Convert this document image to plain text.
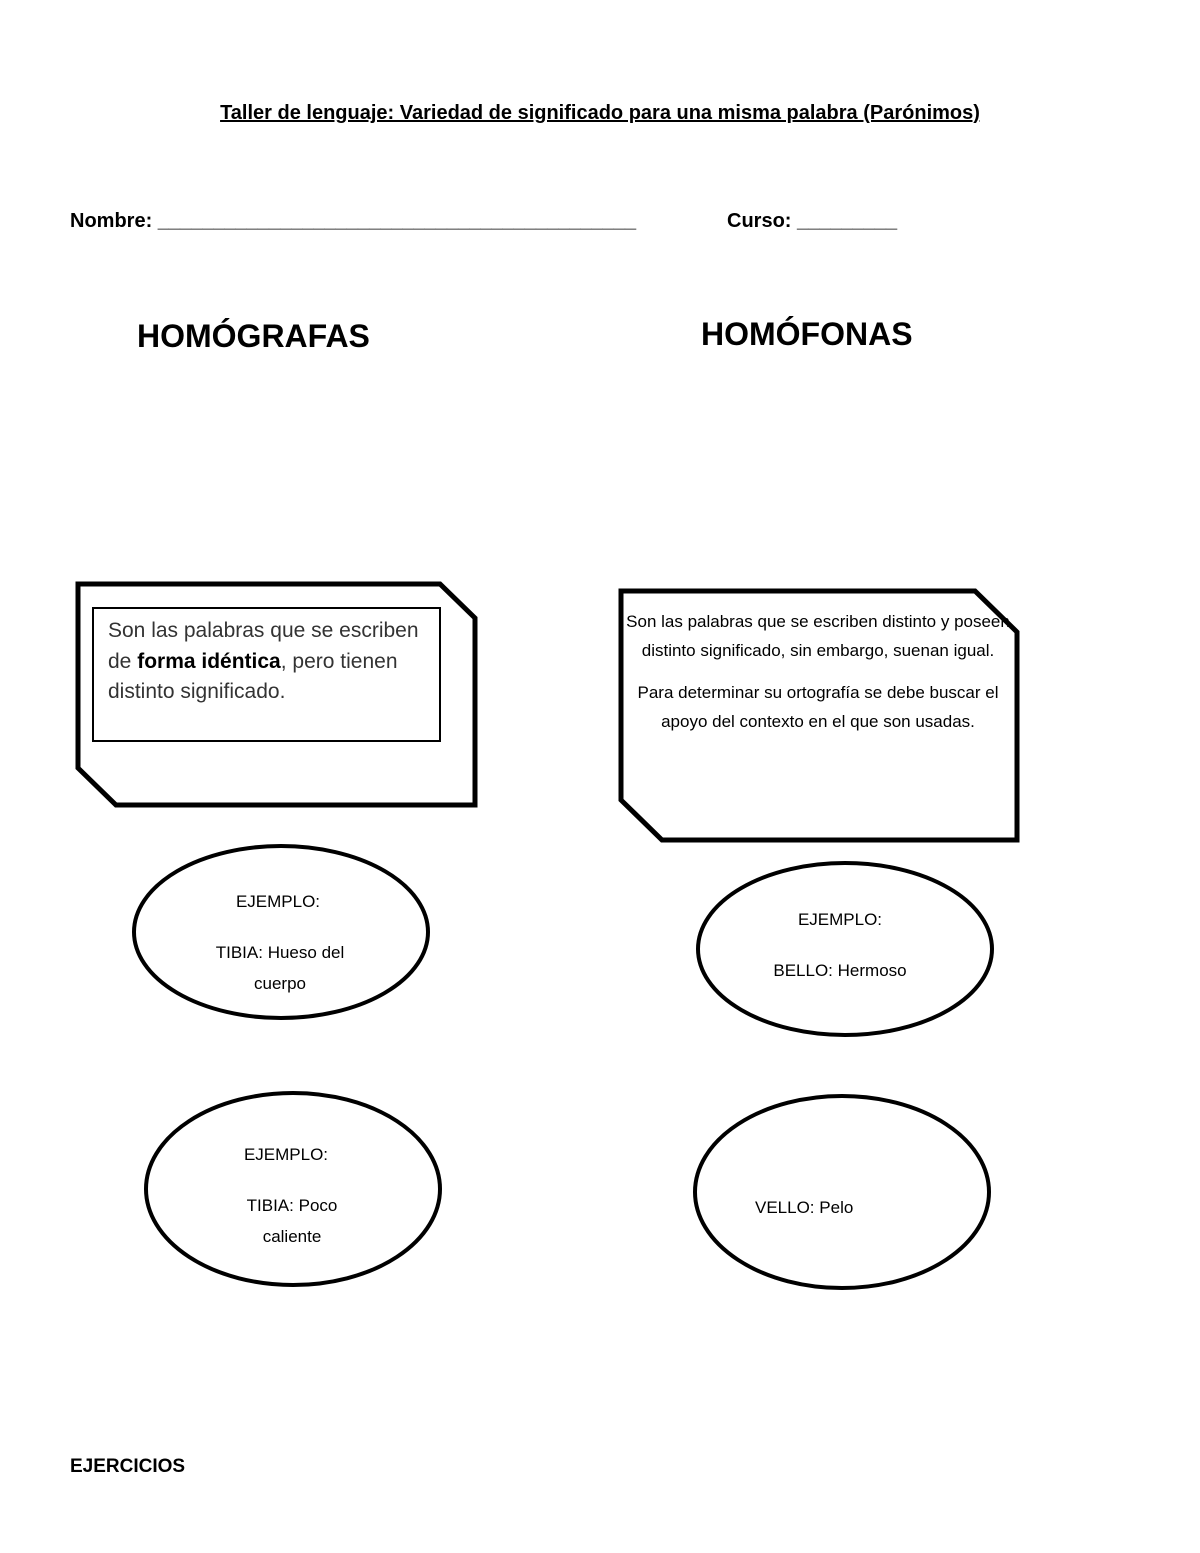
Taller de lenguaje: Variedad de significado para una misma palabra (Parónimos)
Nombre: ___________________________________________	Curso: _________
HOMÓGRAFAS	HOMÓFONAS
Son las palabras que se escriben de forma idéntica, pero tienen distinto significado.

Son las palabras que se escriben distinto y poseen distinto significado, sin embargo, suenan igual.

Para determinar su ortografía se debe buscar el apoyo del contexto en el que son usadas.

EJEMPLO:
TIBIA: Hueso del cuerpo
EJEMPLO:
TIBIA: Poco caliente
EJEMPLO:
BELLO: Hermoso
VELLO: Pelo
EJERCICIOS
